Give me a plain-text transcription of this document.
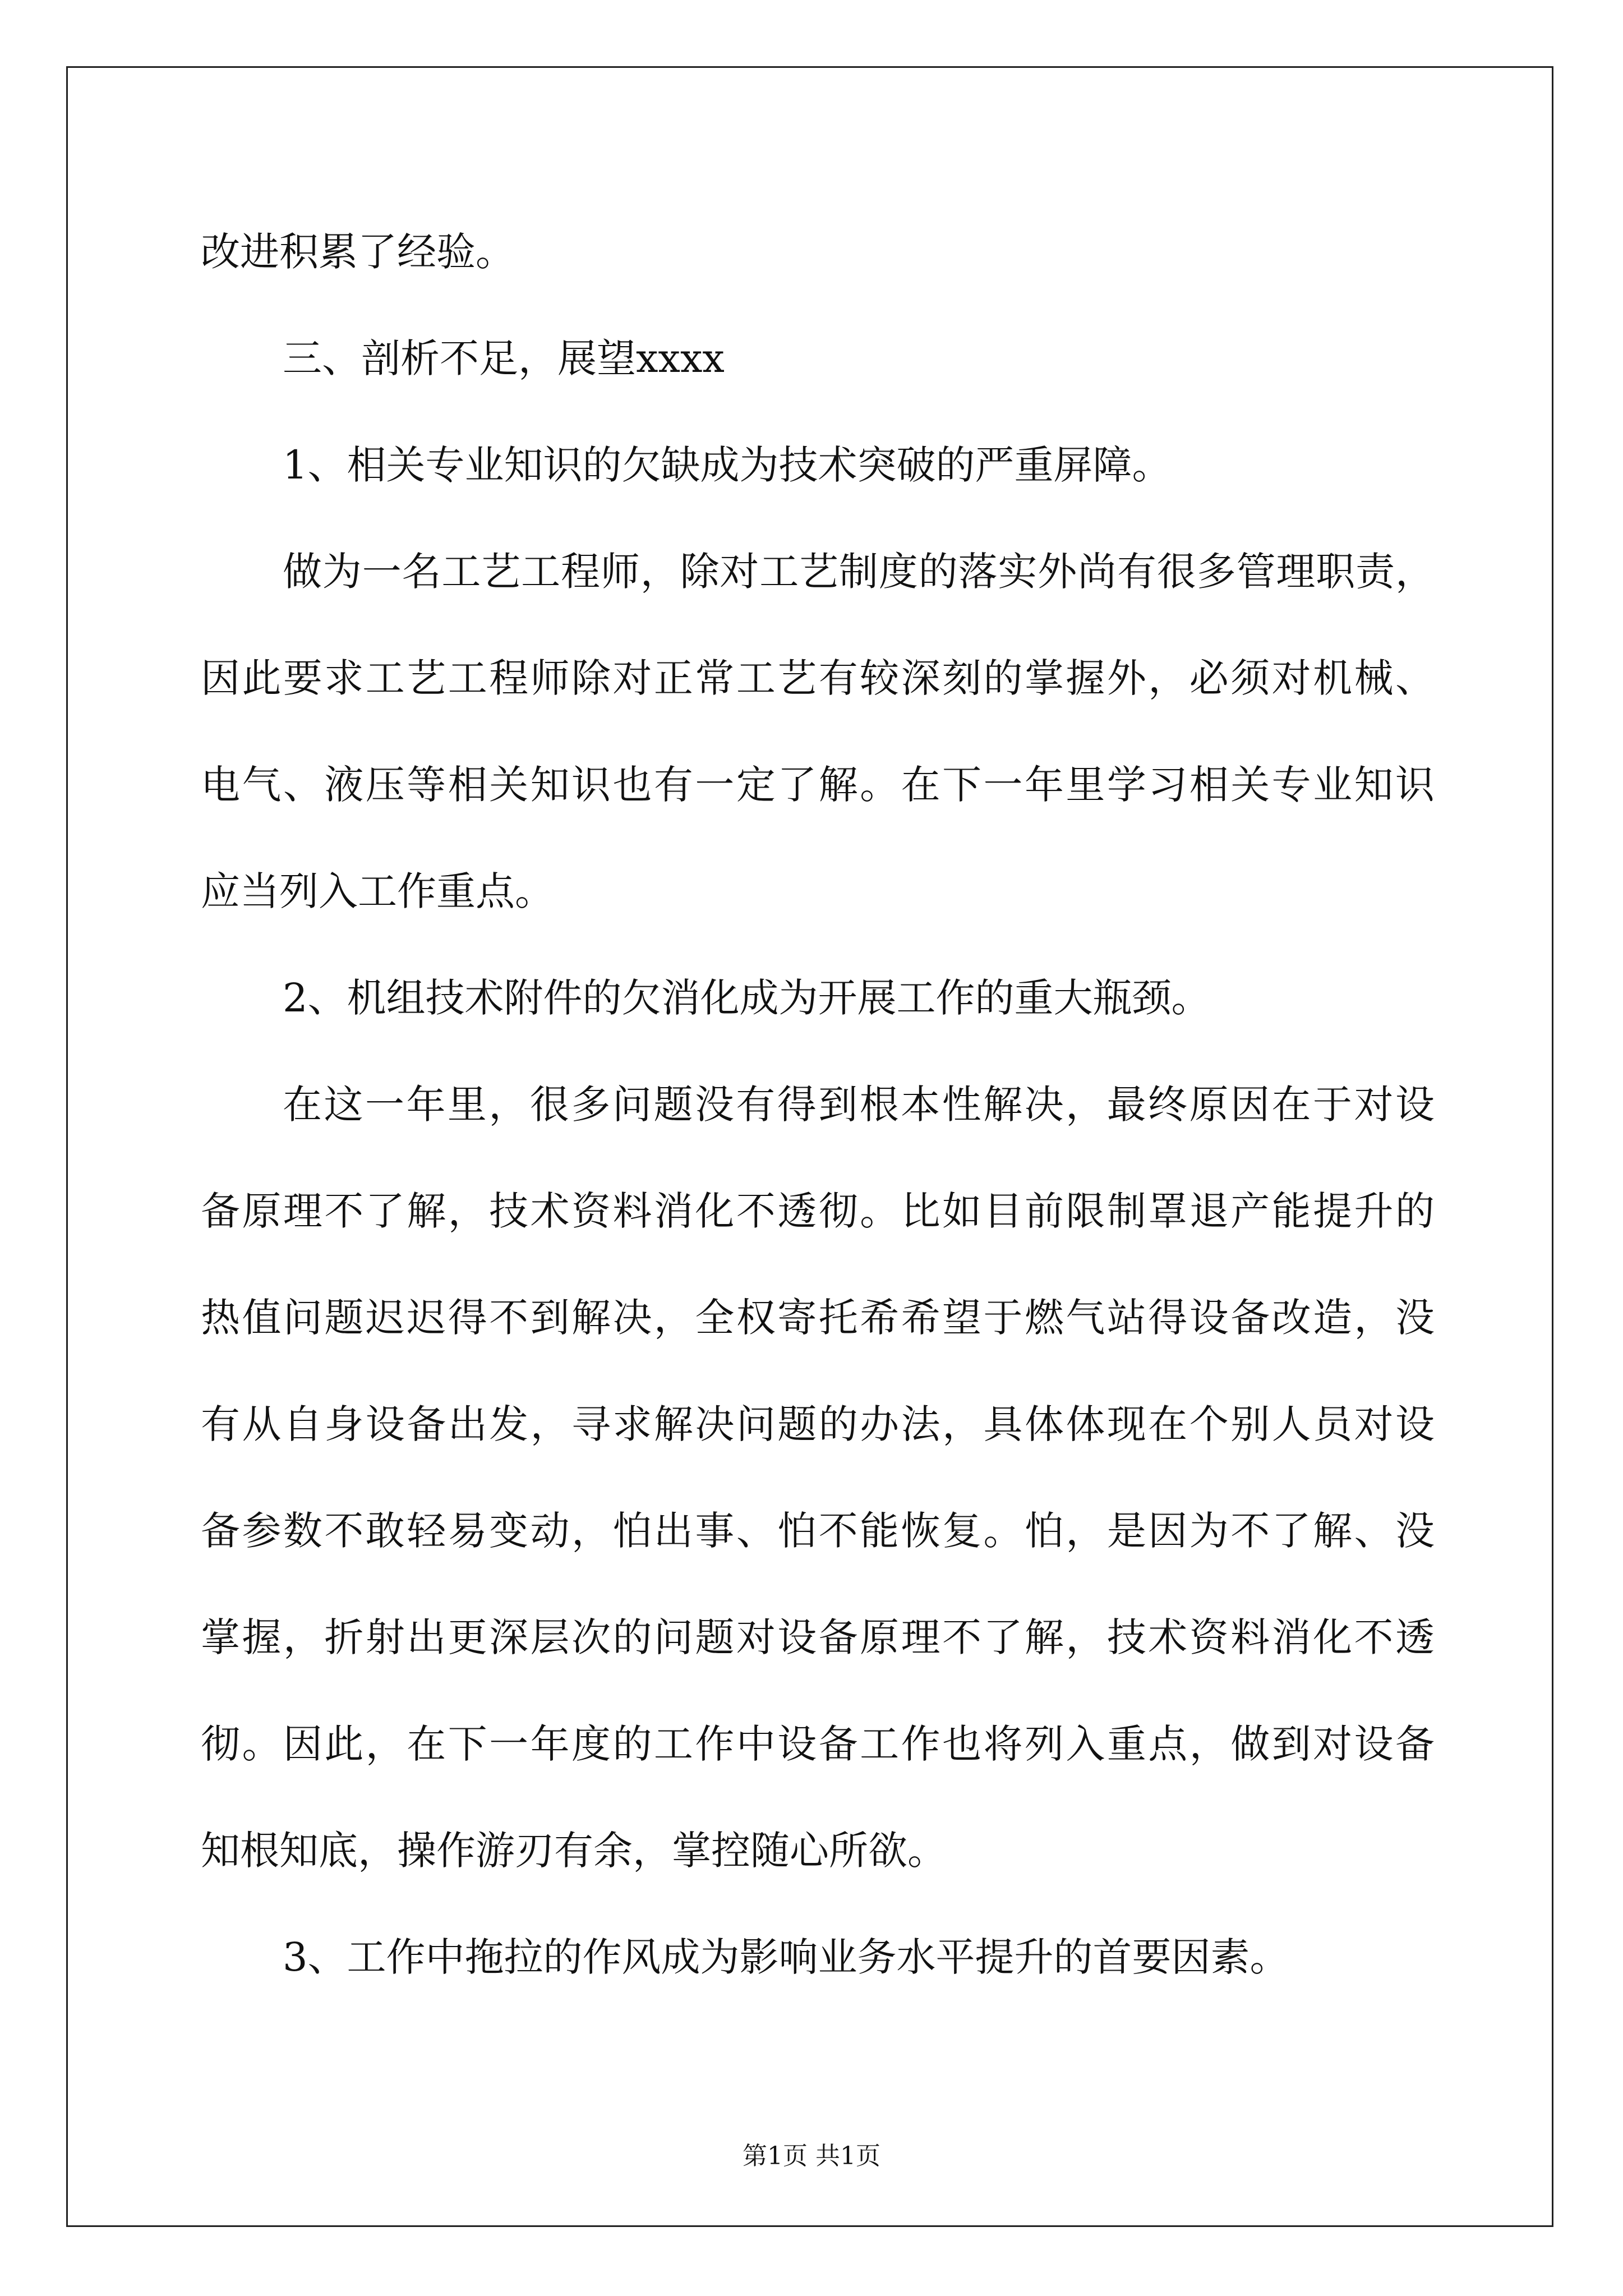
改进积累了经验。
三、剖析不足，展望xxxx
1、相关专业知识的欠缺成为技术突破的严重屏障。
做为一名工艺工程师，除对工艺制度的落实外尚有很多管理职责，
因此要求工艺工程师除对正常工艺有较深刻的掌握外，必须对机械、
电气、液压等相关知识也有一定了解。在下一年里学习相关专业知识
应当列入工作重点。
2、机组技术附件的欠消化成为开展工作的重大瓶颈。
在这一年里，很多问题没有得到根本性解决，最终原因在于对设
备原理不了解，技术资料消化不透彻。比如目前限制罩退产能提升的
热值问题迟迟得不到解决，全权寄托希希望于燃气站得设备改造，没
有从自身设备出发，寻求解决问题的办法，具体体现在个别人员对设
备参数不敢轻易变动，怕出事、怕不能恢复。怕，是因为不了解、没
掌握，折射出更深层次的问题对设备原理不了解，技术资料消化不透
彻。因此，在下一年度的工作中设备工作也将列入重点，做到对设备
知根知底，操作游刃有余，掌控随心所欲。
3、工作中拖拉的作风成为影响业务水平提升的首要因素。
第1页 共1页
